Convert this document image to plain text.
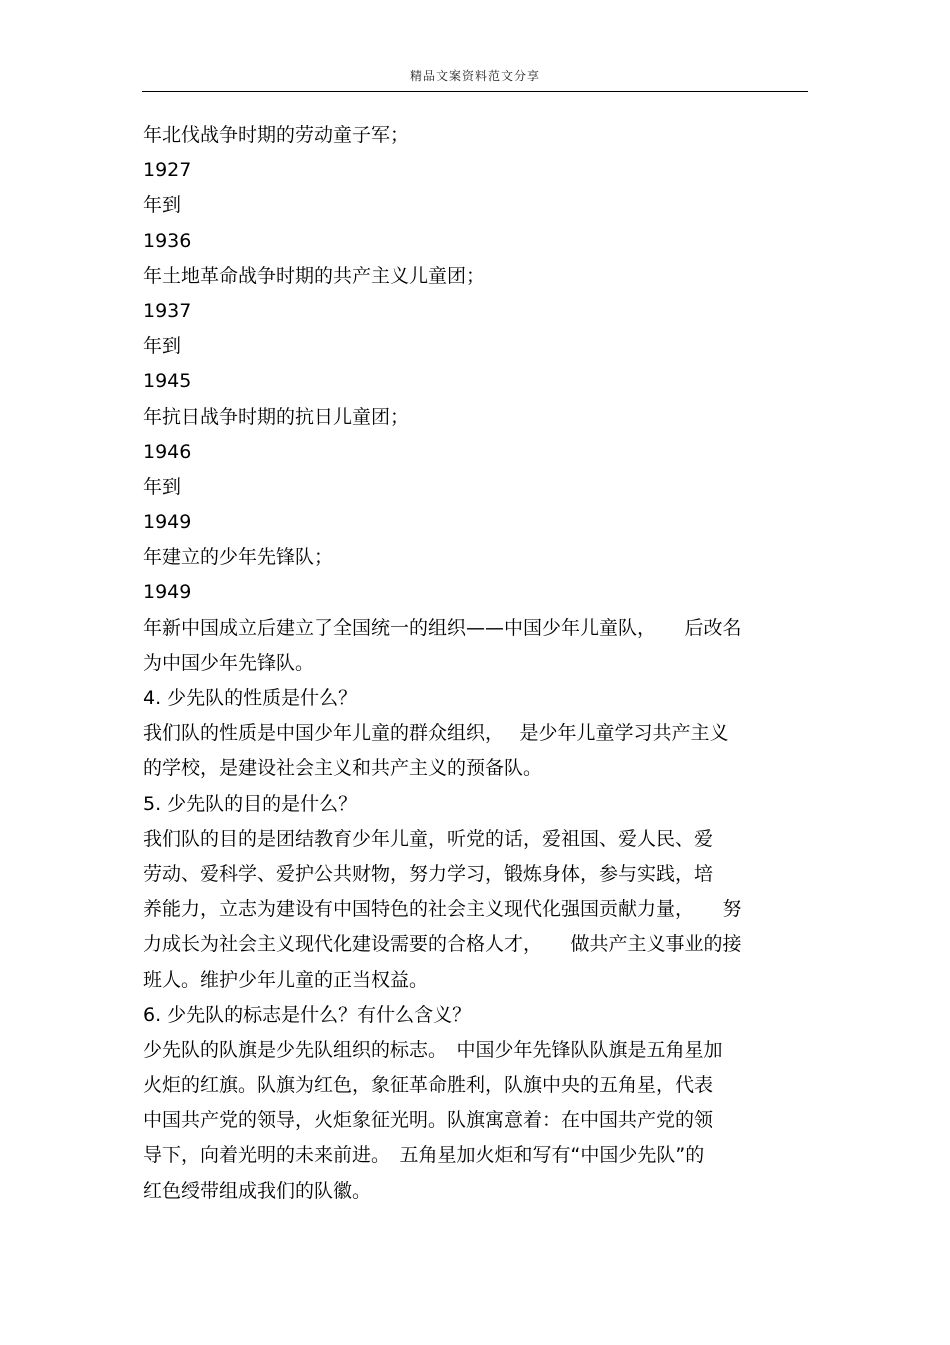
精品文案资料范文分享
年北伐战争时期的劳动童子军；
1927
年到
1936
年土地革命战争时期的共产主义儿童团；
1937
年到
1945
年抗日战争时期的抗日儿童团；
1946
年到
1949
年建立的少年先锋队；
1949
年新中国成立后建立了全国统一的组织——中国少年儿童队，　　后改名
为中国少年先锋队。
4. 少先队的性质是什么？
我们队的性质是中国少年儿童的群众组织，　 是少年儿童学习共产主义
的学校，是建设社会主义和共产主义的预备队。
5. 少先队的目的是什么？
我们队的目的是团结教育少年儿童，听党的话，爱祖国、爱人民、爱
劳动、爱科学、爱护公共财物，努力学习，锻炼身体，参与实践，培
养能力，立志为建设有中国特色的社会主义现代化强国贡献力量，　　努
力成长为社会主义现代化建设需要的合格人才，　　做共产主义事业的接
班人。维护少年儿童的正当权益。
6. 少先队的标志是什么？有什么含义？
少先队的队旗是少先队组织的标志。　中国少年先锋队队旗是五角星加
火炬的红旗。队旗为红色，象征革命胜利，队旗中央的五角星，代表
中国共产党的领导，火炬象征光明。队旗寓意着：在中国共产党的领
导下，向着光明的未来前进。　五角星加火炬和写有“中国少先队”的
红色绶带组成我们的队徽。
